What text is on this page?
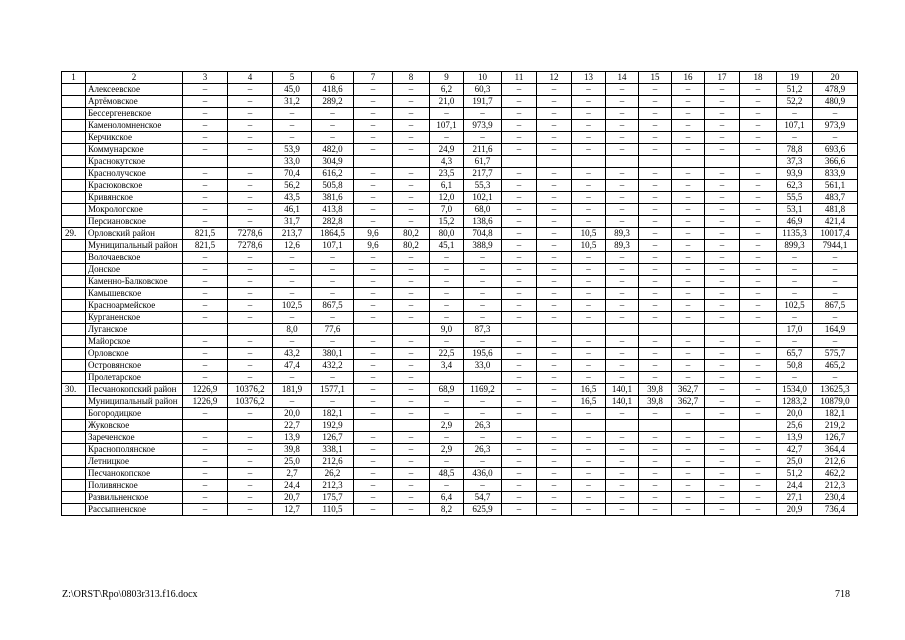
1	2	3	4	5	6	7	8	9	10	11	12	13	14	15	16	17	18	19	20
	Алексеевское	–	–	45,0	418,6	–	–	6,2	60,3	–	–	–	–	–	–	–	–	51,2	478,9
	Артёмовское	–	–	31,2	289,2	–	–	21,0	191,7	–	–	–	–	–	–	–	–	52,2	480,9
	Бессергеневское	–	–	–	–	–	–	–	–	–	–	–	–	–	–	–	–	–	–
	Каменоломненское	–	–	–	–	–	–	107,1	973,9	–	–	–	–	–	–	–	–	107,1	973,9
	Керчикское	–	–	–	–	–	–	–	–	–	–	–	–	–	–	–	–	–	–
	Коммунарское	–	–	53,9	482,0	–	–	24,9	211,6	–	–	–	–	–	–	–	–	78,8	693,6
	Краснокутское			33,0	304,9			4,3	61,7									37,3	366,6
	Краснолучское	–	–	70,4	616,2	–	–	23,5	217,7	–	–	–	–	–	–	–	–	93,9	833,9
	Красюковское	–	–	56,2	505,8	–	–	6,1	55,3	–	–	–	–	–	–	–	–	62,3	561,1
	Кривянское	–	–	43,5	381,6	–	–	12,0	102,1	–	–	–	–	–	–	–	–	55,5	483,7
	Мокрологское	–	–	46,1	413,8	–	–	7,0	68,0	–	–	–	–	–	–	–	–	53,1	481,8
	Персиановское	–	–	31,7	282,8	–	–	15,2	138,6	–	–	–	–	–	–	–	–	46,9	421,4
29.	Орловский район	821,5	7278,6	213,7	1864,5	9,6	80,2	80,0	704,8	–	–	10,5	89,3	–	–	–	–	1135,3	10017,4
	Муниципальный район	821,5	7278,6	12,6	107,1	9,6	80,2	45,1	388,9	–	–	10,5	89,3	–	–	–	–	899,3	7944,1
	Волочаевское	–	–	–	–	–	–	–	–	–	–	–	–	–	–	–	–	–	–
	Донское	–	–	–	–	–	–	–	–	–	–	–	–	–	–	–	–	–	–
	Каменно-Балковское	–	–	–	–	–	–	–	–	–	–	–	–	–	–	–	–	–	–
	Камышевское	–	–	–	–	–	–	–	–	–	–	–	–	–	–	–	–	–	–
	Красноармейское	–	–	102,5	867,5	–	–	–	–	–	–	–	–	–	–	–	–	102,5	867,5
	Курганенское	–	–	–	–	–	–	–	–	–	–	–	–	–	–	–	–	–	–
	Луганское			8,0	77,6			9,0	87,3									17,0	164,9
	Майорское	–	–	–	–	–	–	–	–	–	–	–	–	–	–	–	–	–	–
	Орловское	–	–	43,2	380,1	–	–	22,5	195,6	–	–	–	–	–	–	–	–	65,7	575,7
	Островянское	–	–	47,4	432,2	–	–	3,4	33,0	–	–	–	–	–	–	–	–	50,8	465,2
	Пролетарское	–	–	–	–	–	–			–	–	–	–	–	–	–	–	–	–
30.	Песчанокопский район	1226,9	10376,2	181,9	1577,1	–	–	68,9	1169,2	–	–	16,5	140,1	39,8	362,7	–	–	1534,0	13625,3
	Муниципальный район	1226,9	10376,2	–	–	–	–	–	–	–	–	16,5	140,1	39,8	362,7	–	–	1283,2	10879,0
	Богородицкое	–	–	20,0	182,1	–	–	–	–	–	–	–	–	–	–	–	–	20,0	182,1
	Жуковское			22,7	192,9			2,9	26,3									25,6	219,2
	Зареченское	–	–	13,9	126,7	–	–	–	–	–	–	–	–	–	–	–	–	13,9	126,7
	Краснополянское	–	–	39,8	338,1	–	–	2,9	26,3	–	–	–	–	–	–	–	–	42,7	364,4
	Летницкое	–	–	25,0	212,6	–	–	–	–	–	–	–	–	–	–	–	–	25,0	212,6
	Песчанокопское	–	–	2,7	26,2	–	–	48,5	436,0	–	–	–	–	–	–	–	–	51,2	462,2
	Поливянское	–	–	24,4	212,3	–	–	–	–	–	–	–	–	–	–	–	–	24,4	212,3
	Развильненское	–	–	20,7	175,7	–	–	6,4	54,7	–	–	–	–	–	–	–	–	27,1	230,4
	Рассыпненское	–	–	12,7	110,5	–	–	8,2	625,9	–	–	–	–	–	–	–	–	20,9	736,4
Z:\ORST\Rpo\0803r313.f16.docx	718
